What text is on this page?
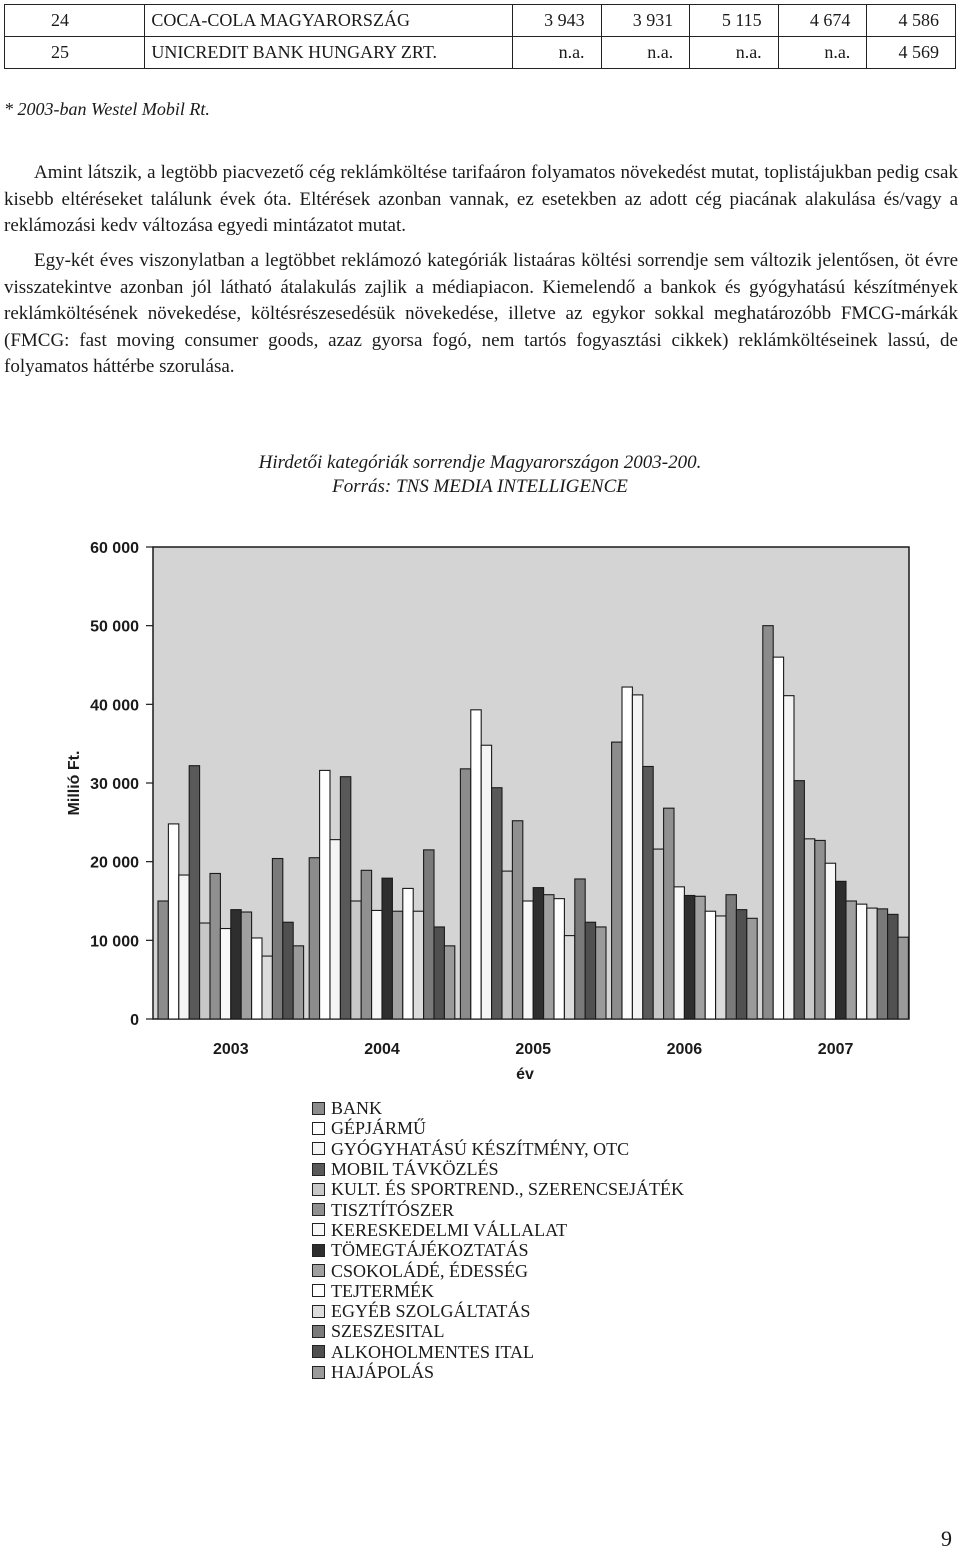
24	COCA-COLA MAGYARORSZÁG	3 943	3 931	5 115	4 674	4 586
25	UNICREDIT BANK HUNGARY ZRT.	n.a.	n.a.	n.a.	n.a.	4 569
* 2003-ban Westel Mobil Rt.

Amint látszik, a legtöbb piacvezető cég reklámköltése tarifaáron folyamatos növekedést mutat, toplistájukban pedig csak kisebb eltéréseket találunk évek óta. Eltérések azonban vannak, ez esetekben az adott cég piacának alakulása és/vagy a reklámozási kedv változása egyedi mintázatot mutat.

Egy-két éves viszonylatban a legtöbbet reklámozó kategóriák listaáras költési sorrendje sem változik jelentősen, öt évre visszatekintve azonban jól látható átalakulás zajlik a médiapiacon. Kiemelendő a bankok és gyógyhatású készítmények reklámköltésének növekedése, költésrészesedésük növekedése, illetve az egykor sokkal meghatározóbb FMCG-márkák (FMCG: fast moving consumer goods, azaz gyorsa fogó, nem tartós fogyasztási cikkek) reklámköltéseinek lassú, de folyamatos háttérbe szorulása.

Hirdetői kategóriák sorrendje Magyarországon 2003-200.
Forrás: TNS MEDIA INTELLIGENCE
0
10 000
20 000
30 000
40 000
50 000
60 000
2003	2004	2005	2006	2007
Millió Ft.
év
BANK
GÉPJÁRMŰ
GYÓGYHATÁSÚ KÉSZÍTMÉNY, OTC
MOBIL TÁVKÖZLÉS
KULT. ÉS SPORTREND., SZERENCSEJÁTÉK
TISZTÍTÓSZER
KERESKEDELMI VÁLLALAT
TÖMEGTÁJÉKOZTATÁS
CSOKOLÁDÉ, ÉDESSÉG
TEJTERMÉK
EGYÉB SZOLGÁLTATÁS
SZESZESITAL
ALKOHOLMENTES ITAL
HAJÁPOLÁS
9
